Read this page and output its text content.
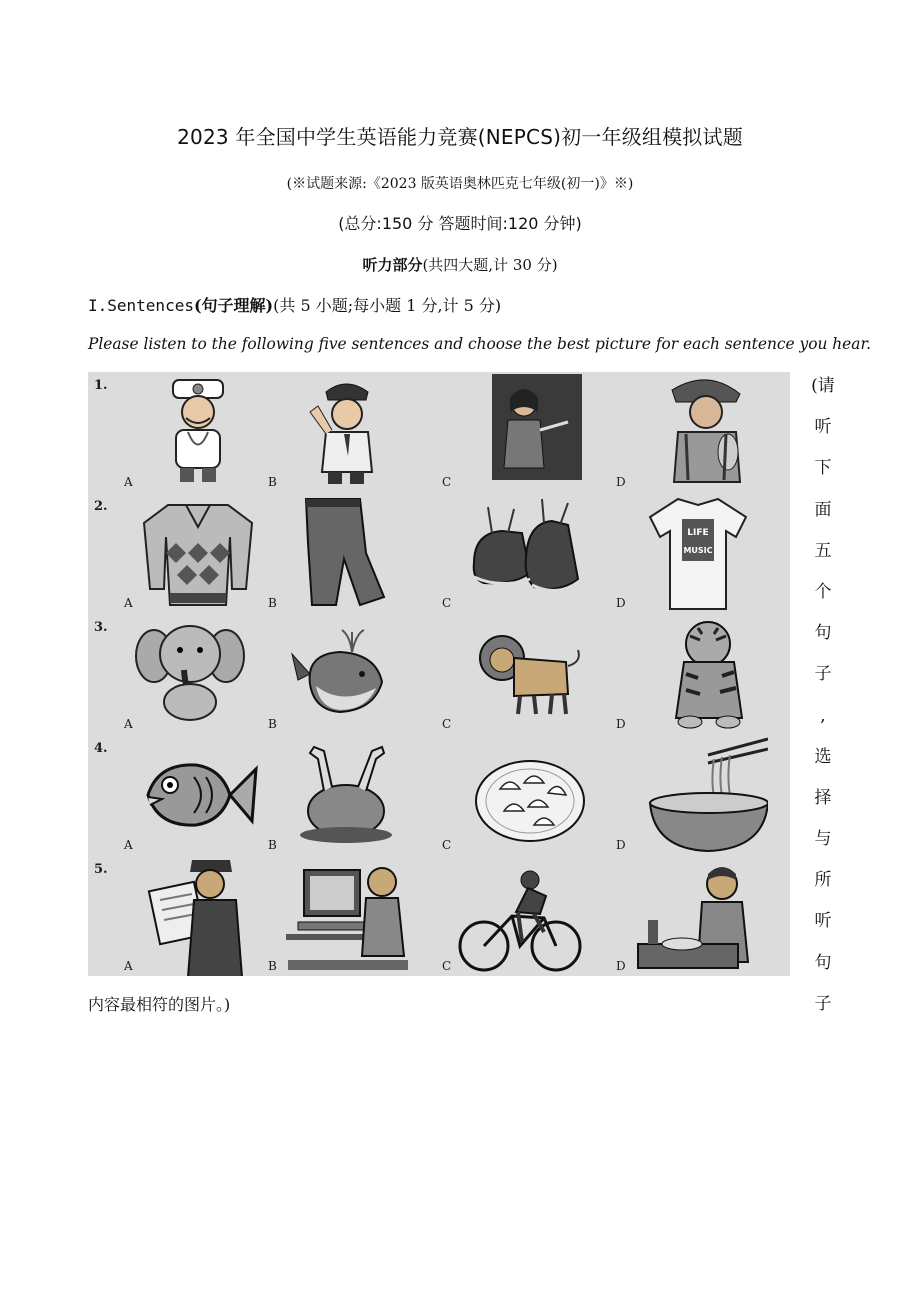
2023 年全国中学生英语能力竞赛(NEPCS)初一年级组模拟试题
(※试题来源:《2023 版英语奥林匹克七年级(初一)》※)
(总分:150 分 答题时间:120 分钟)
听力部分(共四大题,计 30 分)
I.Sentences(句子理解)(共 5 小题;每小题 1 分,计 5 分)
Please listen to the following five sentences and choose the best picture for each sentence you hear.
1.
A	B	C	D
2.
A	B	C
LIFE
MUSIC
D
3.
A	B	C	D
4.
A	B	C	D
5.
A	B	C	D
(请
听
下
面
五
个
句
子
,
选
择
与
所
听
句
子
内容最相符的图片。)
